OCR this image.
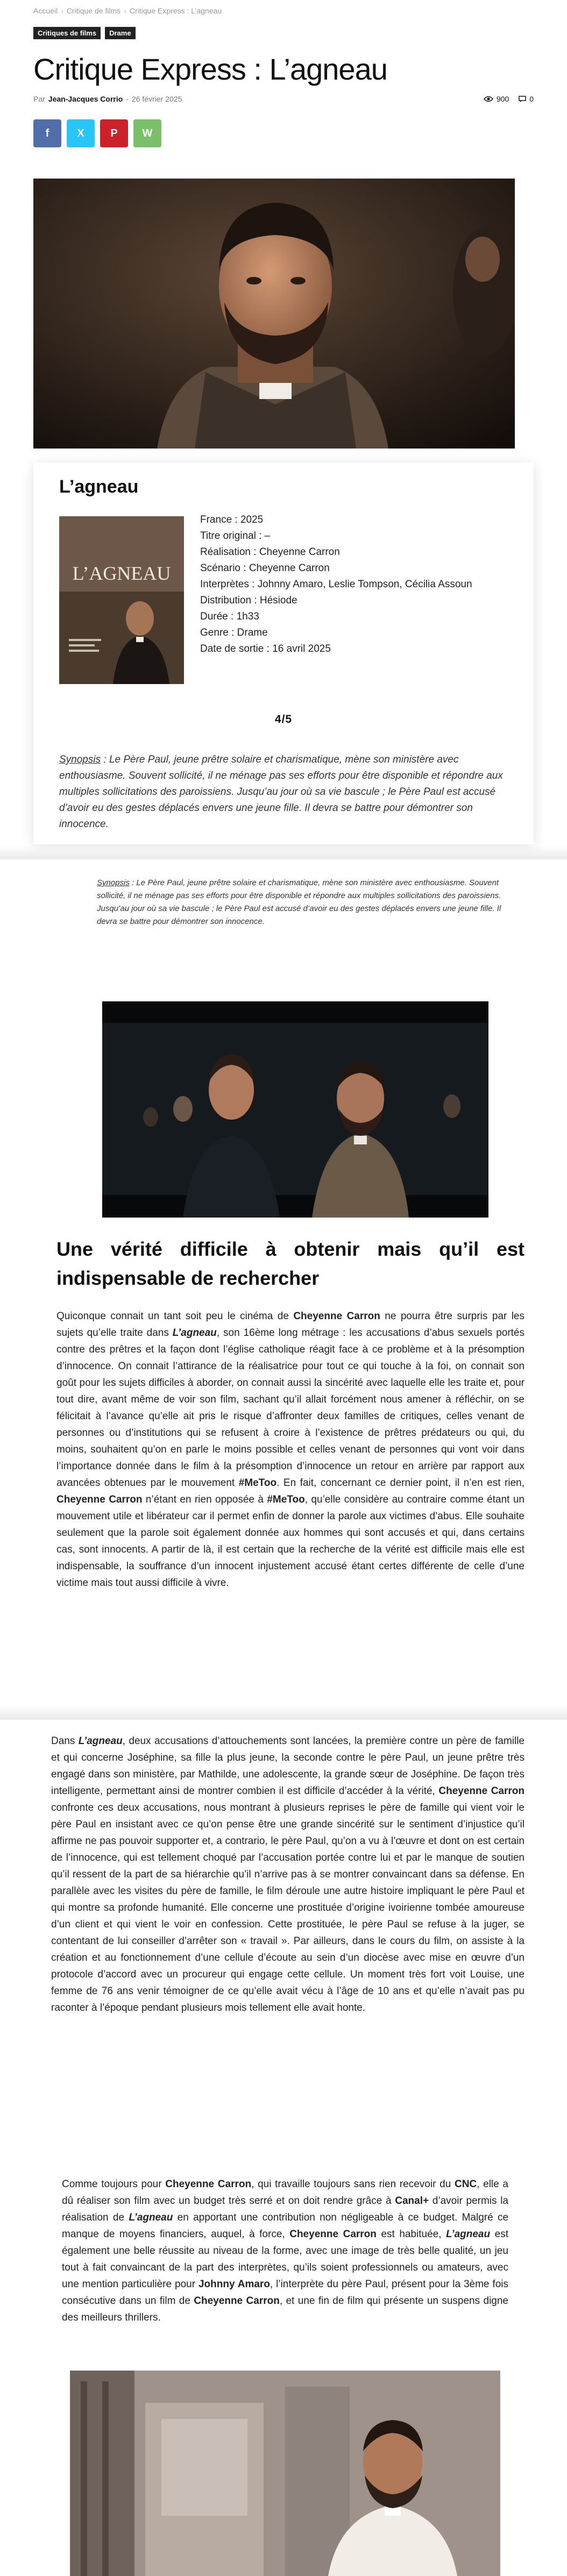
Accueil › Critique de films › Critique Express : L’agneau
Critiques de films	Drame
Critique Express : L’agneau
Par Jean-Jacques Corrio - 26 février 2025	900	0
f	X P W
L’agneau
L’AGNEAU

France : 2025

Titre original : –

Réalisation : Cheyenne Carron

Scénario : Cheyenne Carron

Interprètes : Johnny Amaro, Leslie Tompson, Cécilia Assoun

Distribution : Hésiode

Durée : 1h33

Genre : Drame

Date de sortie : 16 avril 2025

4/5

Synopsis : Le Père Paul, jeune prêtre solaire et charismatique, mène son ministère avec enthousiasme. Souvent sollicité, il ne ménage pas ses efforts pour être disponible et répondre aux multiples sollicitations des paroissiens. Jusqu’au jour où sa vie bascule ; le Père Paul est accusé d’avoir eu des gestes déplacés envers une jeune fille. Il devra se battre pour démontrer son innocence.

Synopsis : Le Père Paul, jeune prêtre solaire et charismatique, mène son ministère avec enthousiasme. Souvent sollicité, il ne ménage pas ses efforts pour être disponible et répondre aux multiples sollicitations des paroissiens. Jusqu’au jour où sa vie bascule ; le Père Paul est accusé d’avoir eu des gestes déplacés envers une jeune fille. Il devra se battre pour démontrer son innocence.

Une vérité difficile à obtenir mais qu’il est indispensable de rechercher

Quiconque connait un tant soit peu le cinéma de Cheyenne Carron ne pourra être surpris par les sujets qu’elle traite dans L’agneau, son 16ème long métrage : les accusations d’abus sexuels portés contre des prêtres et la façon dont l’église catholique réagit face à ce problème et à la présomption d’innocence. On connait l’attirance de la réalisatrice pour tout ce qui touche à la foi, on connait son goût pour les sujets difficiles à aborder, on connait aussi la sincérité avec laquelle elle les traite et, pour tout dire, avant même de voir son film, sachant qu’il allait forcément nous amener à réfléchir, on se félicitait à l’avance qu’elle ait pris le risque d’affronter deux familles de critiques, celles venant de personnes ou d’institutions qui se refusent à croire à l’existence de prêtres prédateurs ou qui, du moins, souhaitent qu’on en parle le moins possible et celles venant de personnes qui vont voir dans l’importance donnée dans le film à la présomption d’innocence un retour en arrière par rapport aux avancées obtenues par le mouvement #MeToo. En fait, concernant ce dernier point, il n’en est rien, Cheyenne Carron n’étant en rien opposée à #MeToo, qu’elle considère au contraire comme étant un mouvement utile et libérateur car il permet enfin de donner la parole aux victimes d’abus. Elle souhaite seulement que la parole soit également donnée aux hommes qui sont accusés et qui, dans certains cas, sont innocents. A partir de là, il est certain que la recherche de la vérité est difficile mais elle est indispensable, la souffrance d’un innocent injustement accusé étant certes différente de celle d’une victime mais tout aussi difficile à vivre.

Dans L’agneau, deux accusations d’attouchements sont lancées, la première contre un père de famille et qui concerne Joséphine, sa fille la plus jeune, la seconde contre le père Paul, un jeune prêtre très engagé dans son ministère, par Mathilde, une adolescente, la grande sœur de Joséphine. De façon très intelligente, permettant ainsi de montrer combien il est difficile d’accéder à la vérité, Cheyenne Carron confronte ces deux accusations, nous montrant à plusieurs reprises le père de famille qui vient voir le père Paul en insistant avec ce qu’on pense être une grande sincérité sur le sentiment d’injustice qu’il affirme ne pas pouvoir supporter et, a contrario, le père Paul, qu’on a vu à l’œuvre et dont on est certain de l’innocence, qui est tellement choqué par l’accusation portée contre lui et par le manque de soutien qu’il ressent de la part de sa hiérarchie qu’il n’arrive pas à se montrer convaincant dans sa défense. En parallèle avec les visites du père de famille, le film déroule une autre histoire impliquant le père Paul et qui montre sa profonde humanité. Elle concerne une prostituée d’origine ivoirienne tombée amoureuse d’un client et qui vient le voir en confession. Cette prostituée, le père Paul se refuse à la juger, se contentant de lui conseiller d’arrêter son « travail ». Par ailleurs, dans le cours du film, on assiste à la création et au fonctionnement d’une cellule d’écoute au sein d’un diocèse avec mise en œuvre d’un protocole d’accord avec un procureur qui engage cette cellule. Un moment très fort voit Louise, une femme de 76 ans venir témoigner de ce qu’elle avait vécu à l’âge de 10 ans et qu’elle n’avait pas pu raconter à l’époque pendant plusieurs mois tellement elle avait honte.

Comme toujours pour Cheyenne Carron, qui travaille toujours sans rien recevoir du CNC, elle a dû réaliser son film avec un budget très serré et on doit rendre grâce à Canal+ d’avoir permis la réalisation de L’agneau en apportant une contribution non négligeable à ce budget. Malgré ce manque de moyens financiers, auquel, à force, Cheyenne Carron est habituée, L’agneau est également une belle réussite au niveau de la forme, avec une image de très belle qualité, un jeu tout à fait convaincant de la part des interprètes, qu’ils soient professionnels ou amateurs, avec une mention particulière pour Johnny Amaro, l’interprète du père Paul, présent pour la 3ème fois consécutive dans un film de Cheyenne Carron, et une fin de film qui présente un suspens digne des meilleurs thrillers.
